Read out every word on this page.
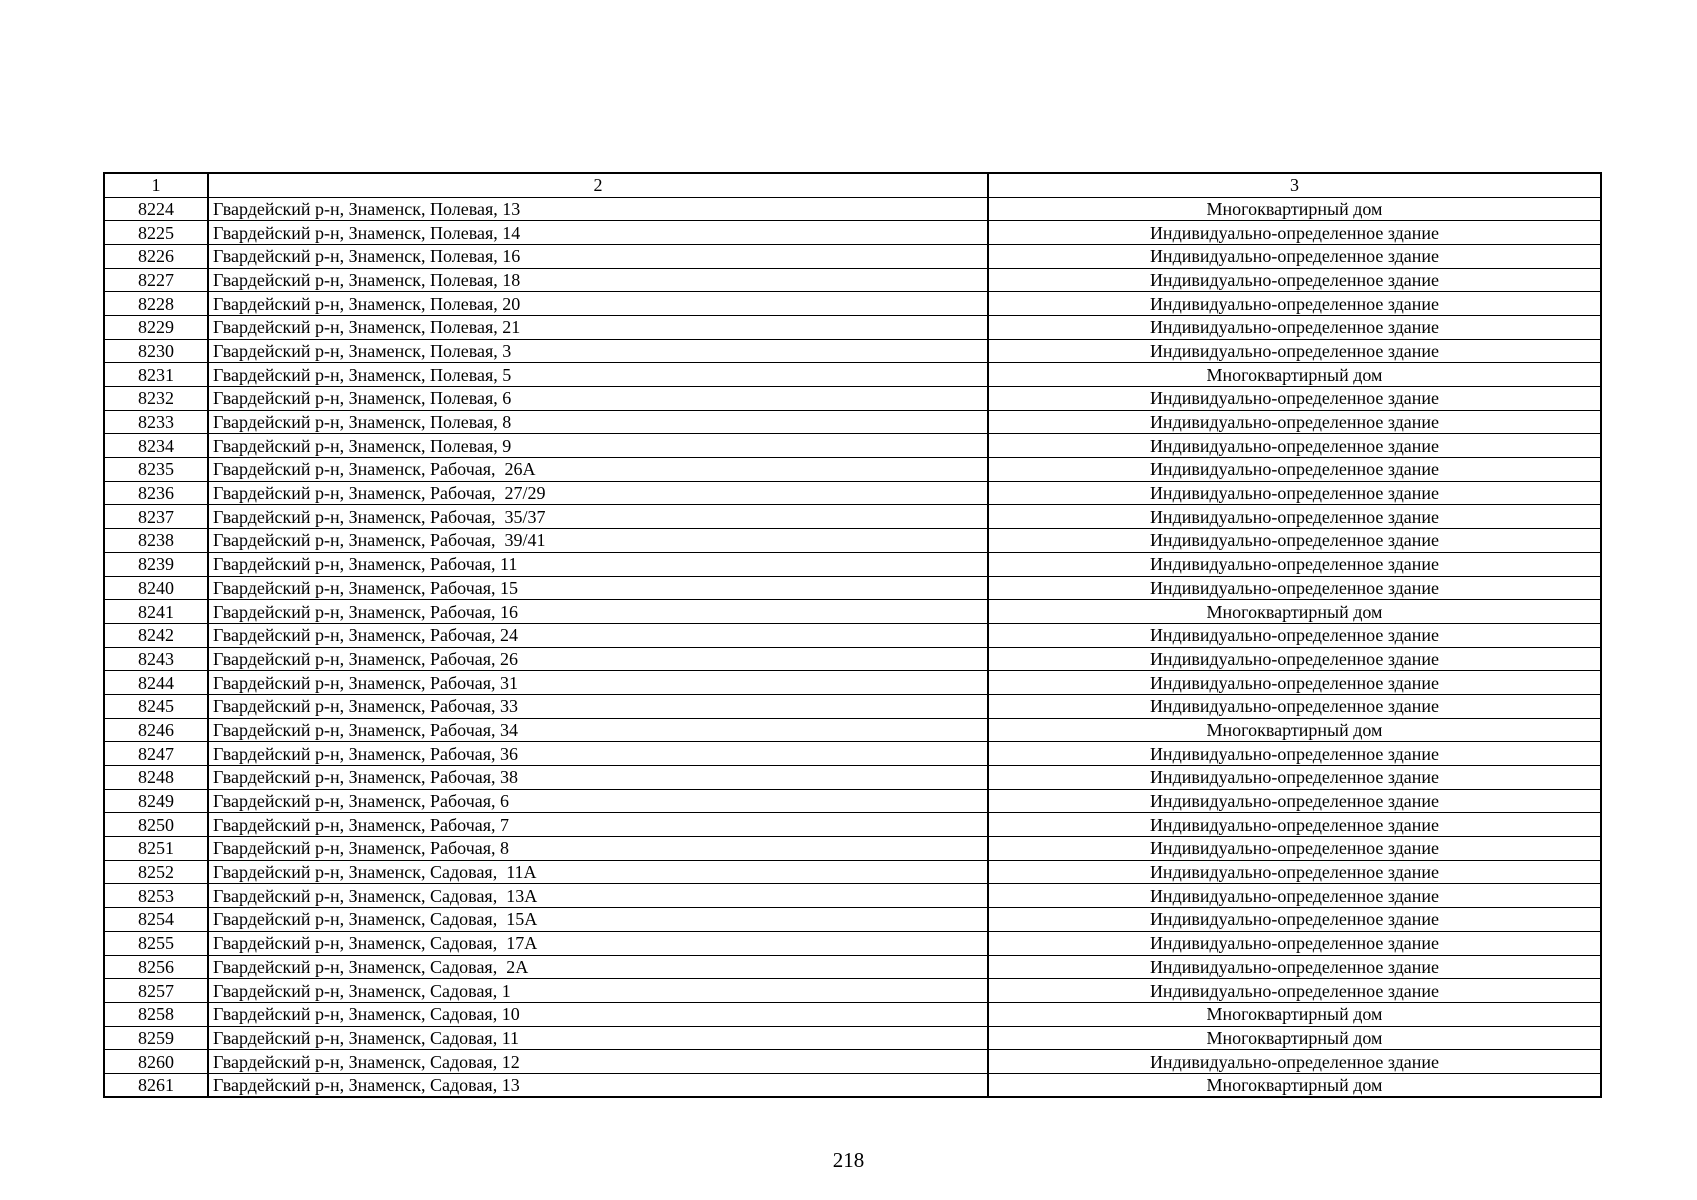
1	2	3
8224	Гвардейский р-н, Знаменск, Полевая, 13	Многоквартирный дом
8225	Гвардейский р-н, Знаменск, Полевая, 14	Индивидуально-определенное здание
8226	Гвардейский р-н, Знаменск, Полевая, 16	Индивидуально-определенное здание
8227	Гвардейский р-н, Знаменск, Полевая, 18	Индивидуально-определенное здание
8228	Гвардейский р-н, Знаменск, Полевая, 20	Индивидуально-определенное здание
8229	Гвардейский р-н, Знаменск, Полевая, 21	Индивидуально-определенное здание
8230	Гвардейский р-н, Знаменск, Полевая, 3	Индивидуально-определенное здание
8231	Гвардейский р-н, Знаменск, Полевая, 5	Многоквартирный дом
8232	Гвардейский р-н, Знаменск, Полевая, 6	Индивидуально-определенное здание
8233	Гвардейский р-н, Знаменск, Полевая, 8	Индивидуально-определенное здание
8234	Гвардейский р-н, Знаменск, Полевая, 9	Индивидуально-определенное здание
8235	Гвардейский р-н, Знаменск, Рабочая,  26А	Индивидуально-определенное здание
8236	Гвардейский р-н, Знаменск, Рабочая,  27/29	Индивидуально-определенное здание
8237	Гвардейский р-н, Знаменск, Рабочая,  35/37	Индивидуально-определенное здание
8238	Гвардейский р-н, Знаменск, Рабочая,  39/41	Индивидуально-определенное здание
8239	Гвардейский р-н, Знаменск, Рабочая, 11	Индивидуально-определенное здание
8240	Гвардейский р-н, Знаменск, Рабочая, 15	Индивидуально-определенное здание
8241	Гвардейский р-н, Знаменск, Рабочая, 16	Многоквартирный дом
8242	Гвардейский р-н, Знаменск, Рабочая, 24	Индивидуально-определенное здание
8243	Гвардейский р-н, Знаменск, Рабочая, 26	Индивидуально-определенное здание
8244	Гвардейский р-н, Знаменск, Рабочая, 31	Индивидуально-определенное здание
8245	Гвардейский р-н, Знаменск, Рабочая, 33	Индивидуально-определенное здание
8246	Гвардейский р-н, Знаменск, Рабочая, 34	Многоквартирный дом
8247	Гвардейский р-н, Знаменск, Рабочая, 36	Индивидуально-определенное здание
8248	Гвардейский р-н, Знаменск, Рабочая, 38	Индивидуально-определенное здание
8249	Гвардейский р-н, Знаменск, Рабочая, 6	Индивидуально-определенное здание
8250	Гвардейский р-н, Знаменск, Рабочая, 7	Индивидуально-определенное здание
8251	Гвардейский р-н, Знаменск, Рабочая, 8	Индивидуально-определенное здание
8252	Гвардейский р-н, Знаменск, Садовая,  11А	Индивидуально-определенное здание
8253	Гвардейский р-н, Знаменск, Садовая,  13А	Индивидуально-определенное здание
8254	Гвардейский р-н, Знаменск, Садовая,  15А	Индивидуально-определенное здание
8255	Гвардейский р-н, Знаменск, Садовая,  17А	Индивидуально-определенное здание
8256	Гвардейский р-н, Знаменск, Садовая,  2А	Индивидуально-определенное здание
8257	Гвардейский р-н, Знаменск, Садовая, 1	Индивидуально-определенное здание
8258	Гвардейский р-н, Знаменск, Садовая, 10	Многоквартирный дом
8259	Гвардейский р-н, Знаменск, Садовая, 11	Многоквартирный дом
8260	Гвардейский р-н, Знаменск, Садовая, 12	Индивидуально-определенное здание
8261	Гвардейский р-н, Знаменск, Садовая, 13	Многоквартирный дом
218
